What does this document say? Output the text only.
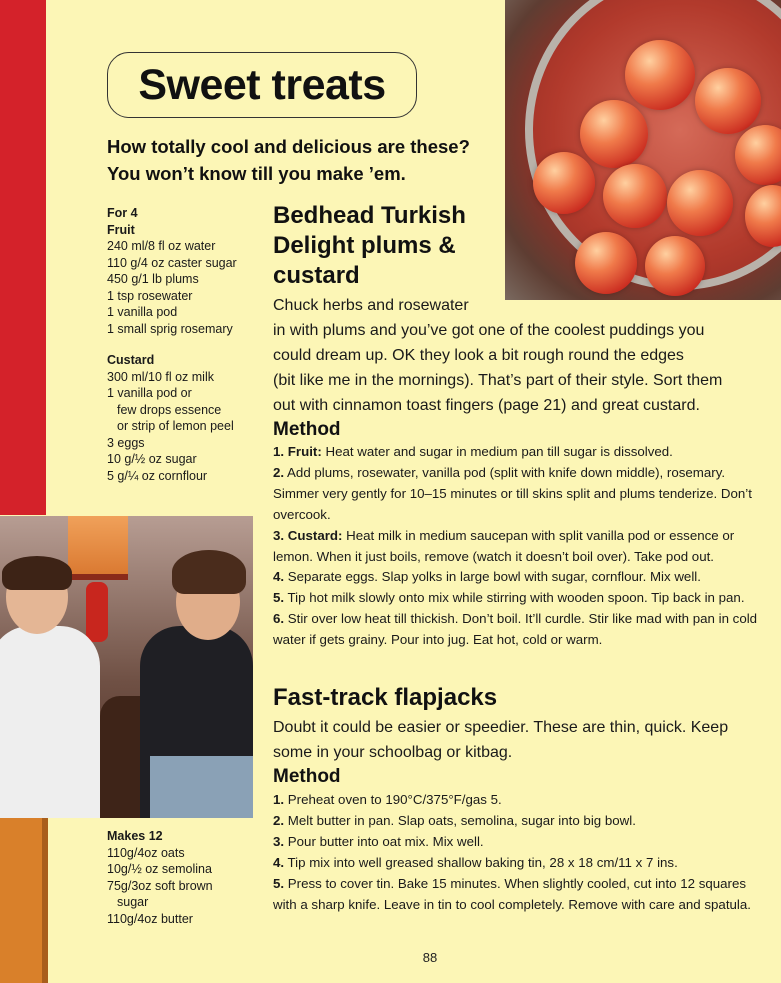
Sweet treats
How totally cool and delicious are these? You won’t know till you make ’em.
For 4
Fruit
240 ml/8 fl oz water
110 g/4 oz caster sugar
450 g/1 lb plums
1 tsp rosewater
1 vanilla pod
1 small sprig rosemary
Custard
300 ml/10 fl oz milk
1 vanilla pod or
few drops essence
or strip of lemon peel
3 eggs
10 g/½ oz sugar
5 g/¼ oz cornflour
Bedhead Turkish Delight plums & custard
Chuck herbs and rosewater
in with plums and you’ve got one of the coolest puddings you
could dream up. OK they look a bit rough round the edges
(bit like me in the mornings). That’s part of their style. Sort them
out with cinnamon toast fingers (page 21) and great custard.
Method
1. Fruit: Heat water and sugar in medium pan till sugar is dissolved.
2. Add plums, rosewater, vanilla pod (split with knife down middle), rosemary. Simmer very gently for 10–15 minutes or till skins split and plums tenderize. Don’t overcook.
3. Custard: Heat milk in medium saucepan with split vanilla pod or essence or lemon. When it just boils, remove (watch it doesn’t boil over). Take pod out.
4. Separate eggs. Slap yolks in large bowl with sugar, cornflour. Mix well.
5. Tip hot milk slowly onto mix while stirring with wooden spoon. Tip back in pan.
6. Stir over low heat till thickish. Don’t boil. It’ll curdle. Stir like mad with pan in cold water if gets grainy. Pour into jug. Eat hot, cold or warm.
Makes 12
110g/4oz oats
10g/½ oz semolina
75g/3oz soft brown
sugar
110g/4oz butter
Fast-track flapjacks
Doubt it could be easier or speedier. These are thin, quick. Keep some in your schoolbag or kitbag.
Method
1. Preheat oven to 190°C/375°F/gas 5.
2. Melt butter in pan. Slap oats, semolina, sugar into big bowl.
3. Pour butter into oat mix. Mix well.
4. Tip mix into well greased shallow baking tin, 28 x 18 cm/11 x 7 ins.
5. Press to cover tin. Bake 15 minutes. When slightly cooled, cut into 12 squares with a sharp knife. Leave in tin to cool completely. Remove with care and spatula.
88
